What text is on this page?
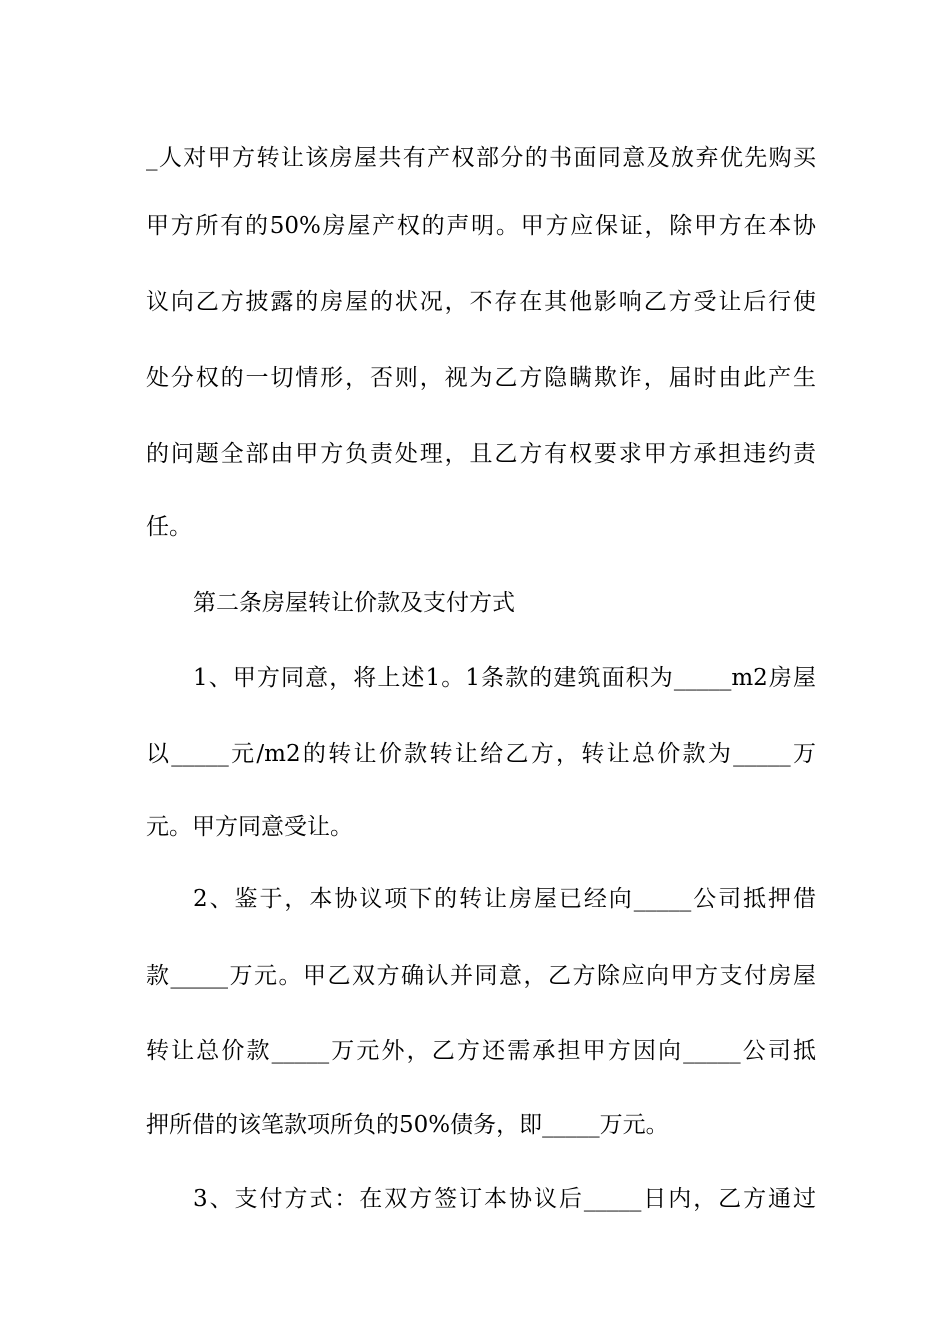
_人对甲方转让该房屋共有产权部分的书面同意及放弃优先购买
甲方所有的50%房屋产权的声明。甲方应保证，除甲方在本协
议向乙方披露的房屋的状况，不存在其他影响乙方受让后行使
处分权的一切情形，否则，视为乙方隐瞒欺诈，届时由此产生
的问题全部由甲方负责处理，且乙方有权要求甲方承担违约责
任。
第二条房屋转让价款及支付方式
1、甲方同意，将上述1。1条款的建筑面积为_____m2房屋
以_____元/m2的转让价款转让给乙方，转让总价款为_____万
元。甲方同意受让。
2、鉴于，本协议项下的转让房屋已经向_____公司抵押借
款_____万元。甲乙双方确认并同意，乙方除应向甲方支付房屋
转让总价款_____万元外，乙方还需承担甲方因向_____公司抵
押所借的该笔款项所负的50%债务，即_____万元。
3、支付方式：在双方签订本协议后_____日内，乙方通过
